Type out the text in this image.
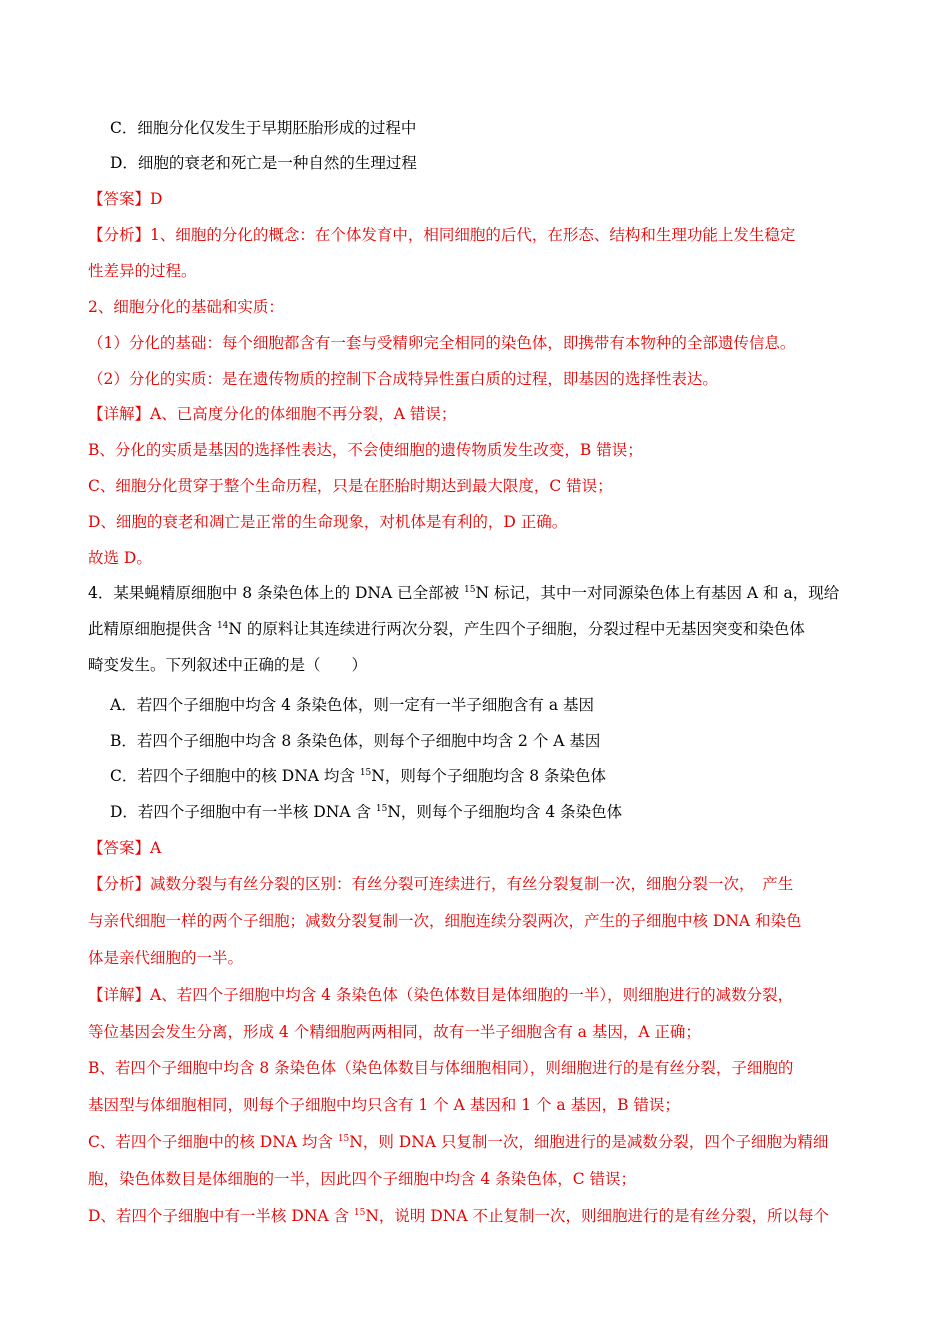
C．细胞分化仅发生于早期胚胎形成的过程中
D．细胞的衰老和死亡是一种自然的生理过程
【答案】D
【分析】1、细胞的分化的概念：在个体发育中，相同细胞的后代，在形态、结构和生理功能上发生稳定
性差异的过程。
2、细胞分化的基础和实质：
（1）分化的基础：每个细胞都含有一套与受精卵完全相同的染色体，即携带有本物种的全部遗传信息。
（2）分化的实质：是在遗传物质的控制下合成特异性蛋白质的过程，即基因的选择性表达。
【详解】A、已高度分化的体细胞不再分裂，A 错误；
B、分化的实质是基因的选择性表达，不会使细胞的遗传物质发生改变，B 错误；
C、细胞分化贯穿于整个生命历程，只是在胚胎时期达到最大限度，C 错误；
D、细胞的衰老和凋亡是正常的生命现象，对机体是有利的，D 正确。
故选 D。
4．某果蝇精原细胞中 8 条染色体上的 DNA 已全部被 $^{15}$N 标记，其中一对同源染色体上有基因 A 和 a，现给
此精原细胞提供含 $^{14}$N 的原料让其连续进行两次分裂，产生四个子细胞，分裂过程中无基因突变和染色体
畸变发生。下列叙述中正确的是（　　）
A．若四个子细胞中均含 4 条染色体，则一定有一半子细胞含有 a 基因
B．若四个子细胞中均含 8 条染色体，则每个子细胞中均含 2 个 A 基因
C．若四个子细胞中的核 DNA 均含 $^{15}$N，则每个子细胞均含 8 条染色体
D．若四个子细胞中有一半核 DNA 含 $^{15}$N，则每个子细胞均含 4 条染色体
【答案】A
【分析】减数分裂与有丝分裂的区别：有丝分裂可连续进行，有丝分裂复制一次，细胞分裂一次，　产生
与亲代细胞一样的两个子细胞；减数分裂复制一次，细胞连续分裂两次，产生的子细胞中核 DNA 和染色
体是亲代细胞的一半。
【详解】A、若四个子细胞中均含 4 条染色体（染色体数目是体细胞的一半），则细胞进行的减数分裂，
等位基因会发生分离，形成 4 个精细胞两两相同，故有一半子细胞含有 a 基因，A 正确；
B、若四个子细胞中均含 8 条染色体（染色体数目与体细胞相同），则细胞进行的是有丝分裂，子细胞的
基因型与体细胞相同，则每个子细胞中均只含有 1 个 A 基因和 1 个 a 基因，B 错误；
C、若四个子细胞中的核 DNA 均含 $^{15}$N，则 DNA 只复制一次，细胞进行的是减数分裂，四个子细胞为精细
胞，染色体数目是体细胞的一半，因此四个子细胞中均含 4 条染色体，C 错误；
D、若四个子细胞中有一半核 DNA 含 $^{15}$N，说明 DNA 不止复制一次，则细胞进行的是有丝分裂，所以每个
